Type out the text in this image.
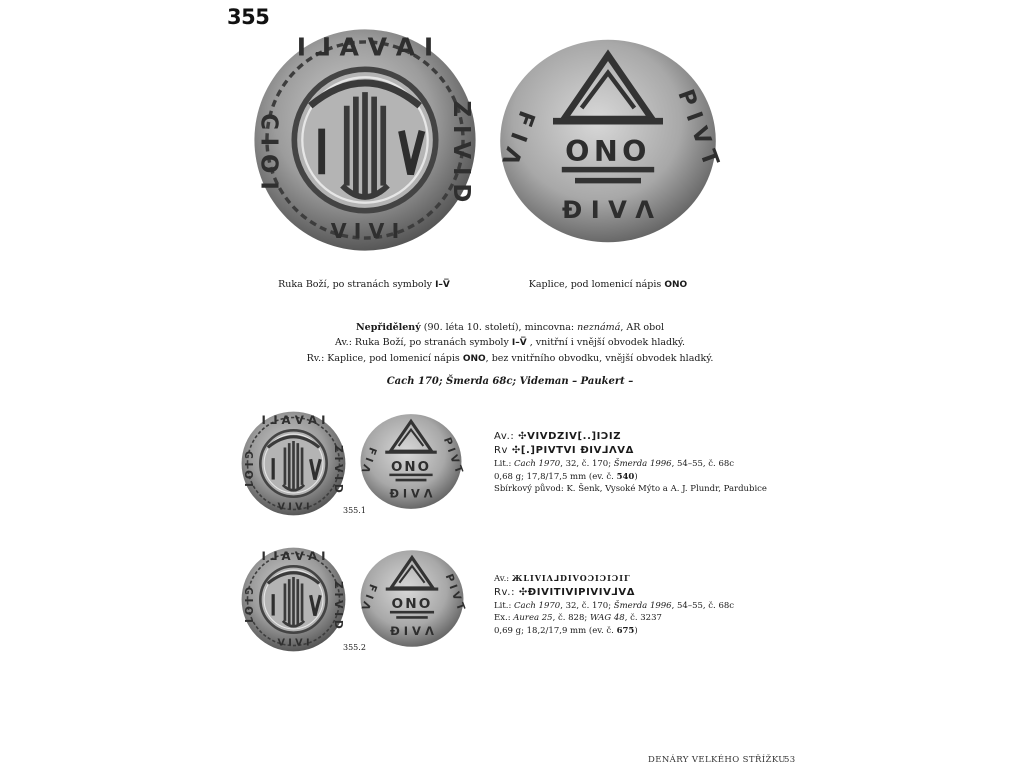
355
Ruka Boží, po stranách symboly I–V̅	Kaplice, pod lomenicí nápis ONO
Nepřidělený (90. léta 10. století), mincovna: neznámá, AR obol
Av.: Ruka Boží, po stranách symboly I–V̅ , vnitřní i vnější obvodek hladký.
Rv.: Kaplice, pod lomenicí nápis ONO, bez vnitřního obvodku, vnější obvodek hladký.
Cach 170; Šmerda 68c; Videman – Paukert –
355.1
Av.: ✣VIVDZIV[..]IƆIZ
Rv ✣[.]PIVTVI ÐIV⅃ΛVΔ
Lit.: Cach 1970, 32, č. 170; Šmerda 1996, 54–55, č. 68c
0,68 g; 17,8/17,5 mm (ev. č. 540)
Sbírkový původ: K. Šenk, Vysoké Mýto a A. J. Plundr, Pardubice
355.2
Av.: ЖLIVIΛ⅃DIVOƆIƆIƆIΓ
Rv.: ✣ÐIVITIVIPIVIV⅃VΔ
Lit.: Cach 1970, 32, č. 170; Šmerda 1996, 54–55, č. 68c
Ex.: Aurea 25, č. 828; WAG 48, č. 3237
0,69 g; 18,2/17,9 mm (ev. č. 675)
DENÁRY VELKÉHO STŘÍŽKU
53
